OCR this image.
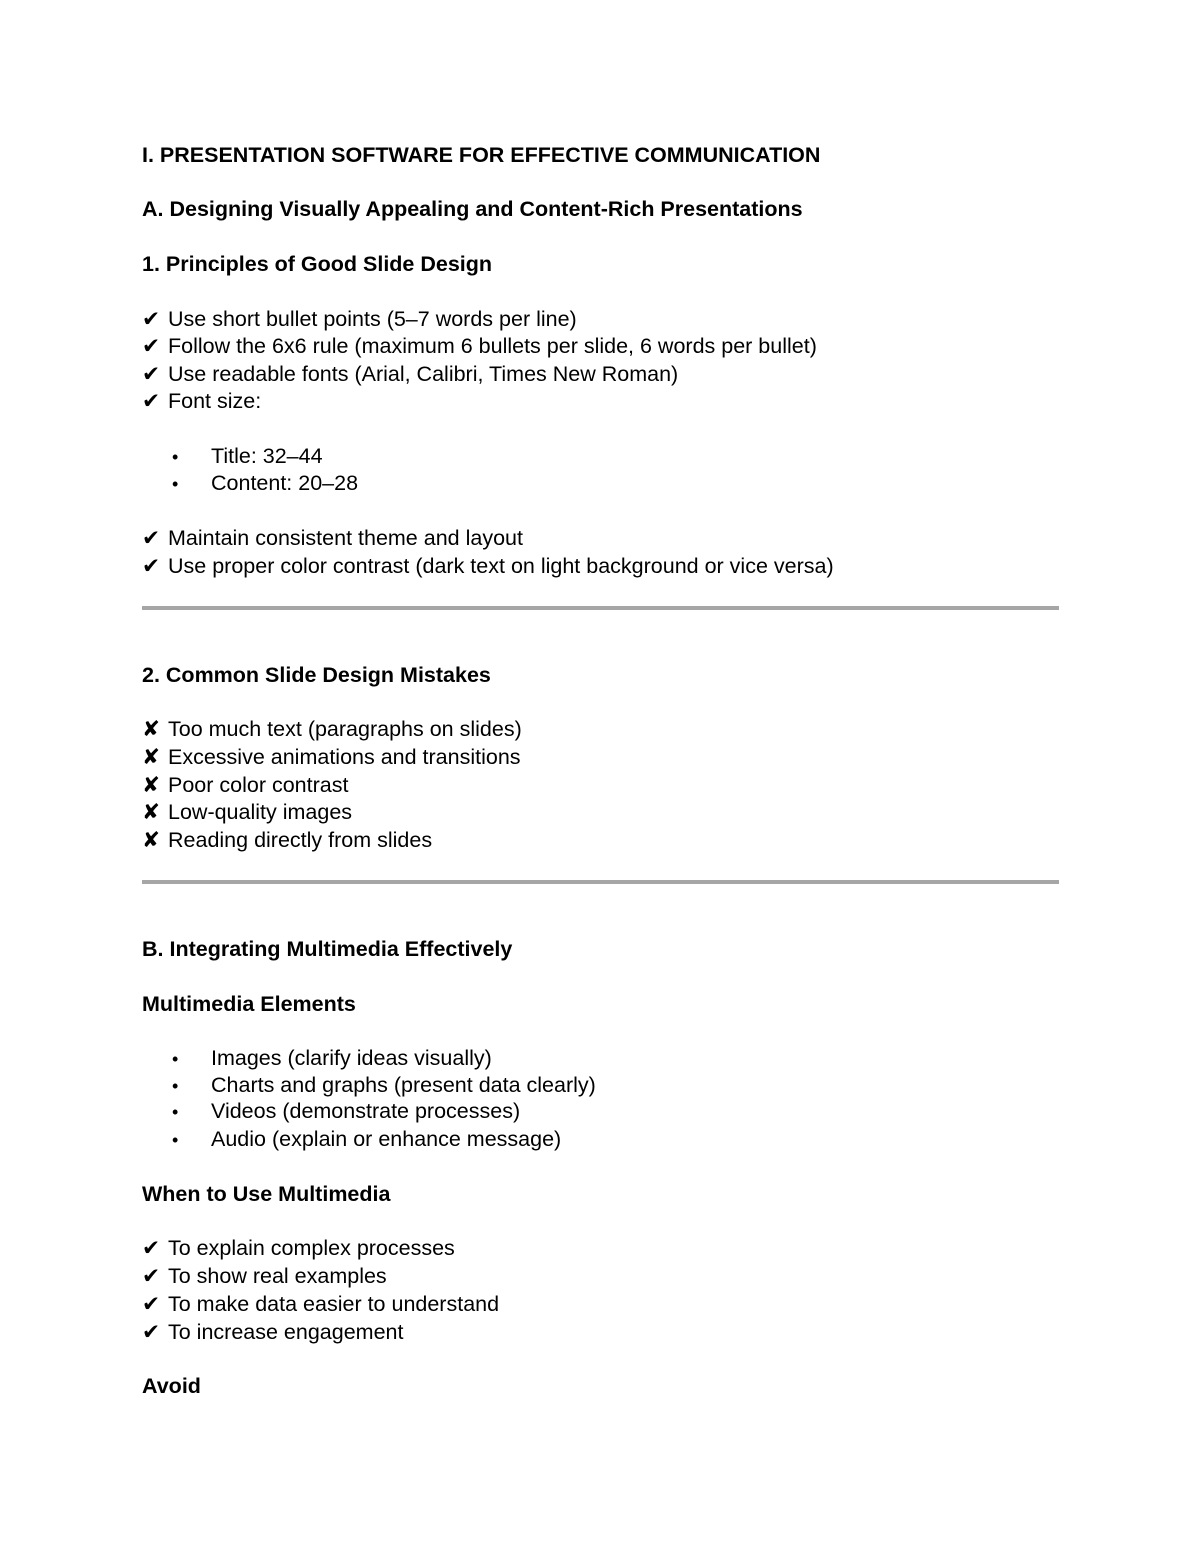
I. PRESENTATION SOFTWARE FOR EFFECTIVE COMMUNICATION
A. Designing Visually Appealing and Content-Rich Presentations
1. Principles of Good Slide Design
✔ Use short bullet points (5–7 words per line)
✔ Follow the 6x6 rule (maximum 6 bullets per slide, 6 words per bullet)
✔ Use readable fonts (Arial, Calibri, Times New Roman)
✔ Font size:
• Title: 32–44
• Content: 20–28
✔ Maintain consistent theme and layout
✔ Use proper color contrast (dark text on light background or vice versa)
2. Common Slide Design Mistakes
✘ Too much text (paragraphs on slides)
✘ Excessive animations and transitions
✘ Poor color contrast
✘ Low-quality images
✘ Reading directly from slides
B. Integrating Multimedia Effectively
Multimedia Elements
• Images (clarify ideas visually)
• Charts and graphs (present data clearly)
• Videos (demonstrate processes)
• Audio (explain or enhance message)
When to Use Multimedia
✔ To explain complex processes
✔ To show real examples
✔ To make data easier to understand
✔ To increase engagement
Avoid
